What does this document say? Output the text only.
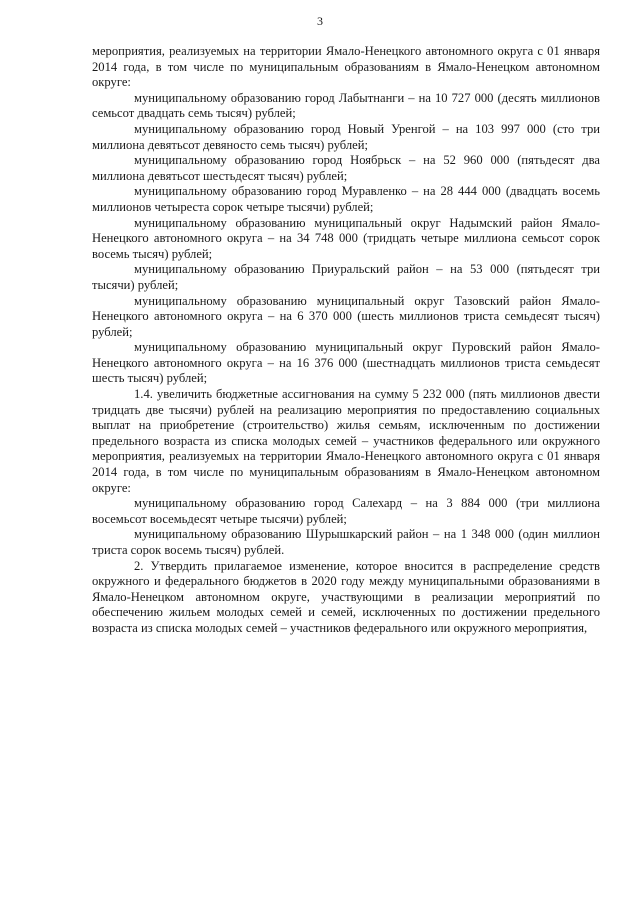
3

мероприятия, реализуемых на территории Ямало-Ненецкого автономного округа с 01 января 2014 года, в том числе по муниципальным образованиям в Ямало-Ненецком автономном округе:

муниципальному образованию город Лабытнанги – на 10 727 000 (десять миллионов семьсот двадцать семь тысяч) рублей;

муниципальному образованию город Новый Уренгой – на 103 997 000 (сто три миллиона девятьсот девяносто семь тысяч) рублей;

муниципальному образованию город Ноябрьск – на 52 960 000 (пятьдесят два миллиона девятьсот шестьдесят тысяч) рублей;

муниципальному образованию город Муравленко – на 28 444 000 (двадцать восемь миллионов четыреста сорок четыре тысячи) рублей;

муниципальному образованию муниципальный округ Надымский район Ямало-Ненецкого автономного округа – на 34 748 000 (тридцать четыре миллиона семьсот сорок восемь тысяч) рублей;

муниципальному образованию Приуральский район – на 53 000 (пятьдесят три тысячи) рублей;

муниципальному образованию муниципальный округ Тазовский район Ямало-Ненецкого автономного округа – на 6 370 000 (шесть миллионов триста семьдесят тысяч) рублей;

муниципальному образованию муниципальный округ Пуровский район Ямало-Ненецкого автономного округа – на 16 376 000 (шестнадцать миллионов триста семьдесят шесть тысяч) рублей;

1.4. увеличить бюджетные ассигнования на сумму 5 232 000 (пять миллионов двести тридцать две тысячи) рублей на реализацию мероприятия по предоставлению социальных выплат на приобретение (строительство) жилья семьям, исключенным по достижении предельного возраста из списка молодых семей – участников федерального или окружного мероприятия, реализуемых на территории Ямало-Ненецкого автономного округа с 01 января 2014 года, в том числе по муниципальным образованиям в Ямало-Ненецком автономном округе:

муниципальному образованию город Салехард – на 3 884 000 (три миллиона восемьсот восемьдесят четыре тысячи) рублей;

муниципальному образованию Шурышкарский район – на 1 348 000 (один миллион триста сорок восемь тысяч) рублей.

2. Утвердить прилагаемое изменение, которое вносится в распределение средств окружного и федерального бюджетов в 2020 году между муниципальными образованиями в Ямало-Ненецком автономном округе, участвующими в реализации мероприятий по обеспечению жильем молодых семей и семей, исключенных по достижении предельного возраста из списка молодых семей – участников федерального или окружного мероприятия,
